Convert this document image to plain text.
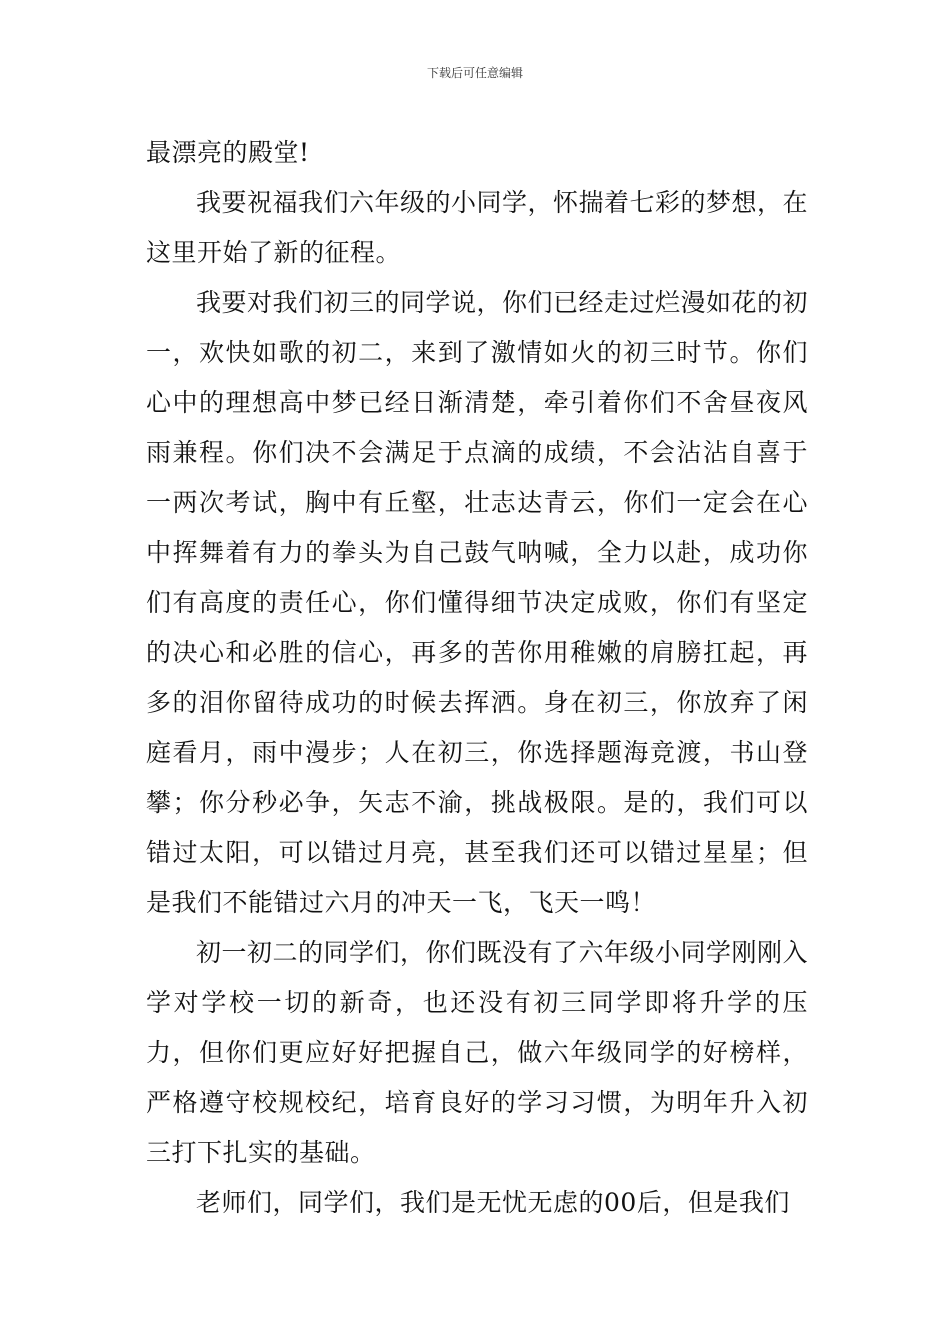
下载后可任意编辑

最漂亮的殿堂!

我要祝福我们六年级的小同学，怀揣着七彩的梦想，在这里开始了新的征程。

我要对我们初三的同学说，你们已经走过烂漫如花的初一，欢快如歌的初二，来到了激情如火的初三时节。你们心中的理想高中梦已经日渐清楚，牵引着你们不舍昼夜风雨兼程。你们决不会满足于点滴的成绩，不会沾沾自喜于一两次考试，胸中有丘壑，壮志达青云，你们一定会在心中挥舞着有力的拳头为自己鼓气呐喊，全力以赴，成功你们有高度的责任心，你们懂得细节决定成败，你们有坚定的决心和必胜的信心，再多的苦你用稚嫩的肩膀扛起，再多的泪你留待成功的时候去挥洒。身在初三，你放弃了闲庭看月，雨中漫步；人在初三，你选择题海竞渡，书山登攀；你分秒必争，矢志不渝，挑战极限。是的，我们可以错过太阳，可以错过月亮，甚至我们还可以错过星星；但是我们不能错过六月的冲天一飞，飞天一鸣！

初一初二的同学们，你们既没有了六年级小同学刚刚入学对学校一切的新奇，也还没有初三同学即将升学的压力，但你们更应好好把握自己，做六年级同学的好榜样，严格遵守校规校纪，培育良好的学习习惯，为明年升入初三打下扎实的基础。

老师们，同学们，我们是无忧无虑的00后，但是我们
